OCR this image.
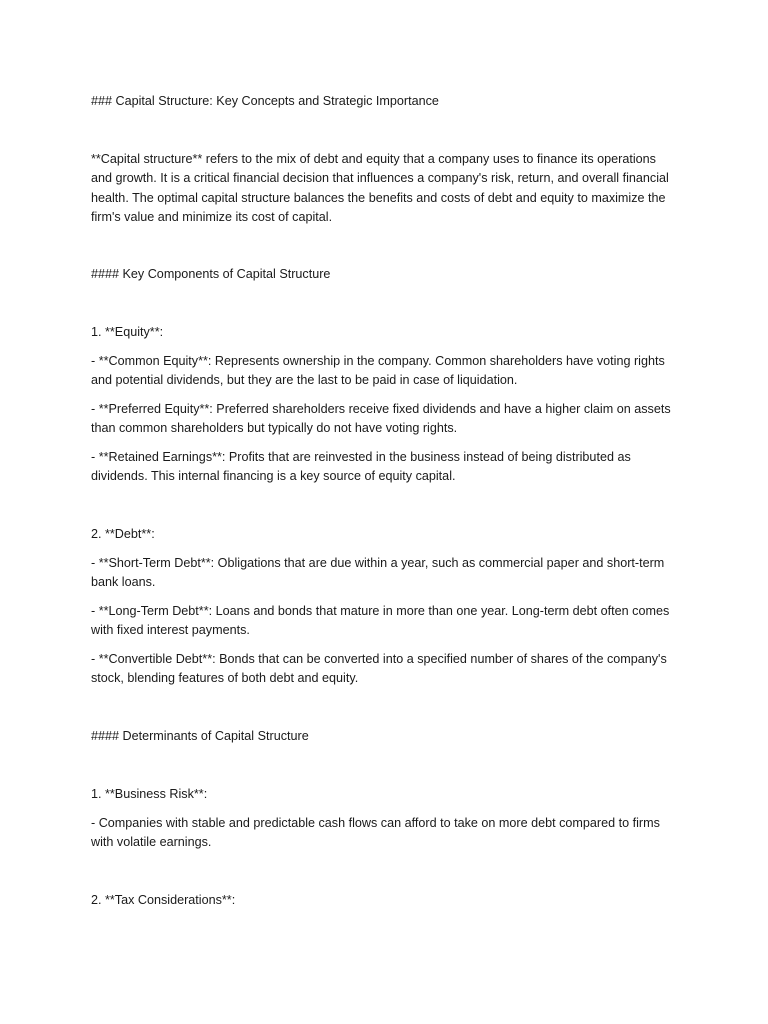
### Capital Structure: Key Concepts and Strategic Importance

**Capital structure** refers to the mix of debt and equity that a company uses to finance its operations and growth. It is a critical financial decision that influences a company's risk, return, and overall financial health. The optimal capital structure balances the benefits and costs of debt and equity to maximize the firm's value and minimize its cost of capital.

#### Key Components of Capital Structure

1. **Equity**:

- **Common Equity**: Represents ownership in the company. Common shareholders have voting rights and potential dividends, but they are the last to be paid in case of liquidation.

- **Preferred Equity**: Preferred shareholders receive fixed dividends and have a higher claim on assets than common shareholders but typically do not have voting rights.

- **Retained Earnings**: Profits that are reinvested in the business instead of being distributed as dividends. This internal financing is a key source of equity capital.

2. **Debt**:

- **Short-Term Debt**: Obligations that are due within a year, such as commercial paper and short-term bank loans.

- **Long-Term Debt**: Loans and bonds that mature in more than one year. Long-term debt often comes with fixed interest payments.

- **Convertible Debt**: Bonds that can be converted into a specified number of shares of the company's stock, blending features of both debt and equity.

#### Determinants of Capital Structure

1. **Business Risk**:

- Companies with stable and predictable cash flows can afford to take on more debt compared to firms with volatile earnings.

2. **Tax Considerations**:
